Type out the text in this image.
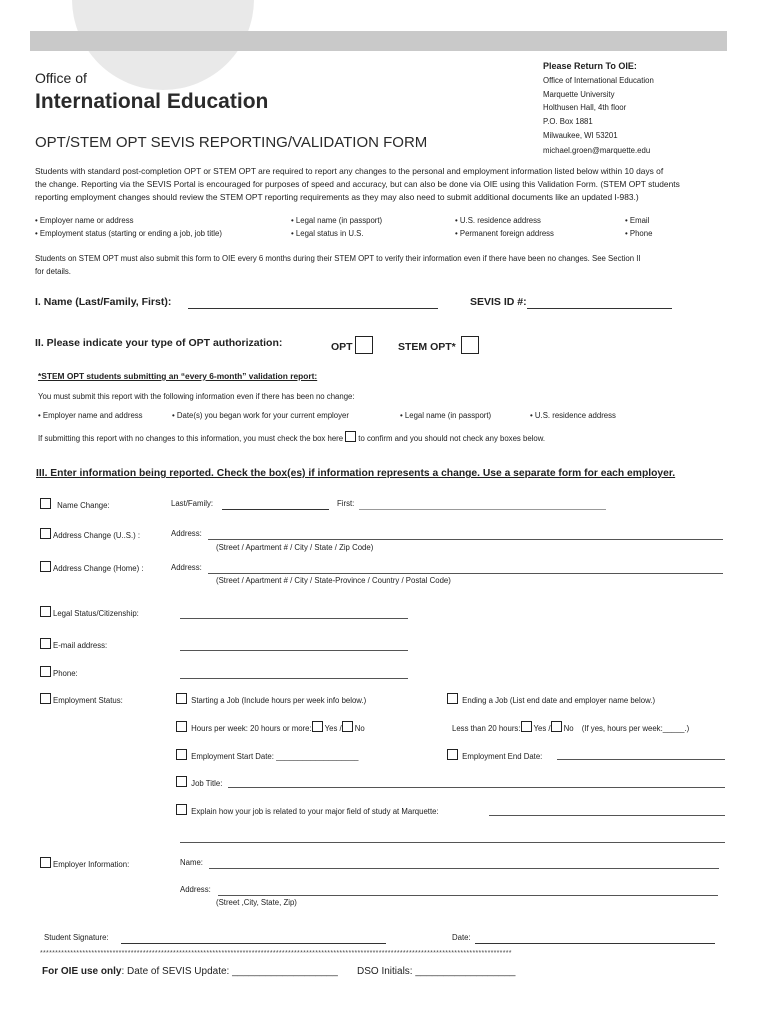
Office of
International Education
OPT/STEM OPT SEVIS REPORTING/VALIDATION FORM
Please Return To OIE:
Office of International Education
Marquette University
Holthusen Hall, 4th floor
P.O. Box 1881
Milwaukee, WI 53201
michael.groen@marquette.edu
Students with standard post-completion OPT or STEM OPT are required to report any changes to the personal and employment information listed below within 10 days of
the change. Reporting via the SEVIS Portal is encouraged for purposes of speed and accuracy, but can also be done via OIE using this Validation Form. (STEM OPT students
reporting employment changes should review the STEM OPT reporting requirements as they may also need to submit additional documents like an updated I-983.)
• Employer name or address	• Legal name (in passport)	• U.S. residence address	• Email
• Employment status (starting or ending a job, job title)	• Legal status in U.S.	• Permanent foreign address	• Phone
Students on STEM OPT must also submit this form to OIE every 6 months during their STEM OPT to verify their information even if there have been no changes. See Section II
for details.
I. Name (Last/Family, First):	SEVIS ID #:
II. Please indicate your type of OPT authorization:	OPT	STEM OPT*
*STEM OPT students submitting an “every 6-month” validation report:
You must submit this report with the following information even if there has been no change:
• Employer name and address	• Date(s) you began work for your current employer	• Legal name (in passport)	• U.S. residence address
If submitting this report with no changes to this information, you must check the box here to confirm and you should not check any boxes below.
III. Enter information being reported. Check the box(es) if information represents a change. Use a separate form for each employer.
Name Change:	Last/Family:	First:
Address Change (U..S.) :	Address:
(Street / Apartment # / City / State / Zip Code)
Address Change (Home) :	Address:
(Street / Apartment # / City / State-Province / Country / Postal Code)
Legal Status/Citizenship:
E-mail address:
Phone:
Employment Status:	Starting a Job (Include hours per week info below.)	Ending a Job (List end date and employer name below.)
Hours per week: 20 hours or more: Yes / No	Less than 20 hours: Yes / No (If yes, hours per week:_____.)
Employment Start Date: ___________________	Employment End Date:
Job Title:
Explain how your job is related to your major field of study at Marquette:
Employer Information:	Name:
Address:
(Street ,City, State, Zip)
Student Signature:	Date:
************************************************************************************************************************************************************
For OIE use only: Date of SEVIS Update: ___________________ DSO Initials: __________________
